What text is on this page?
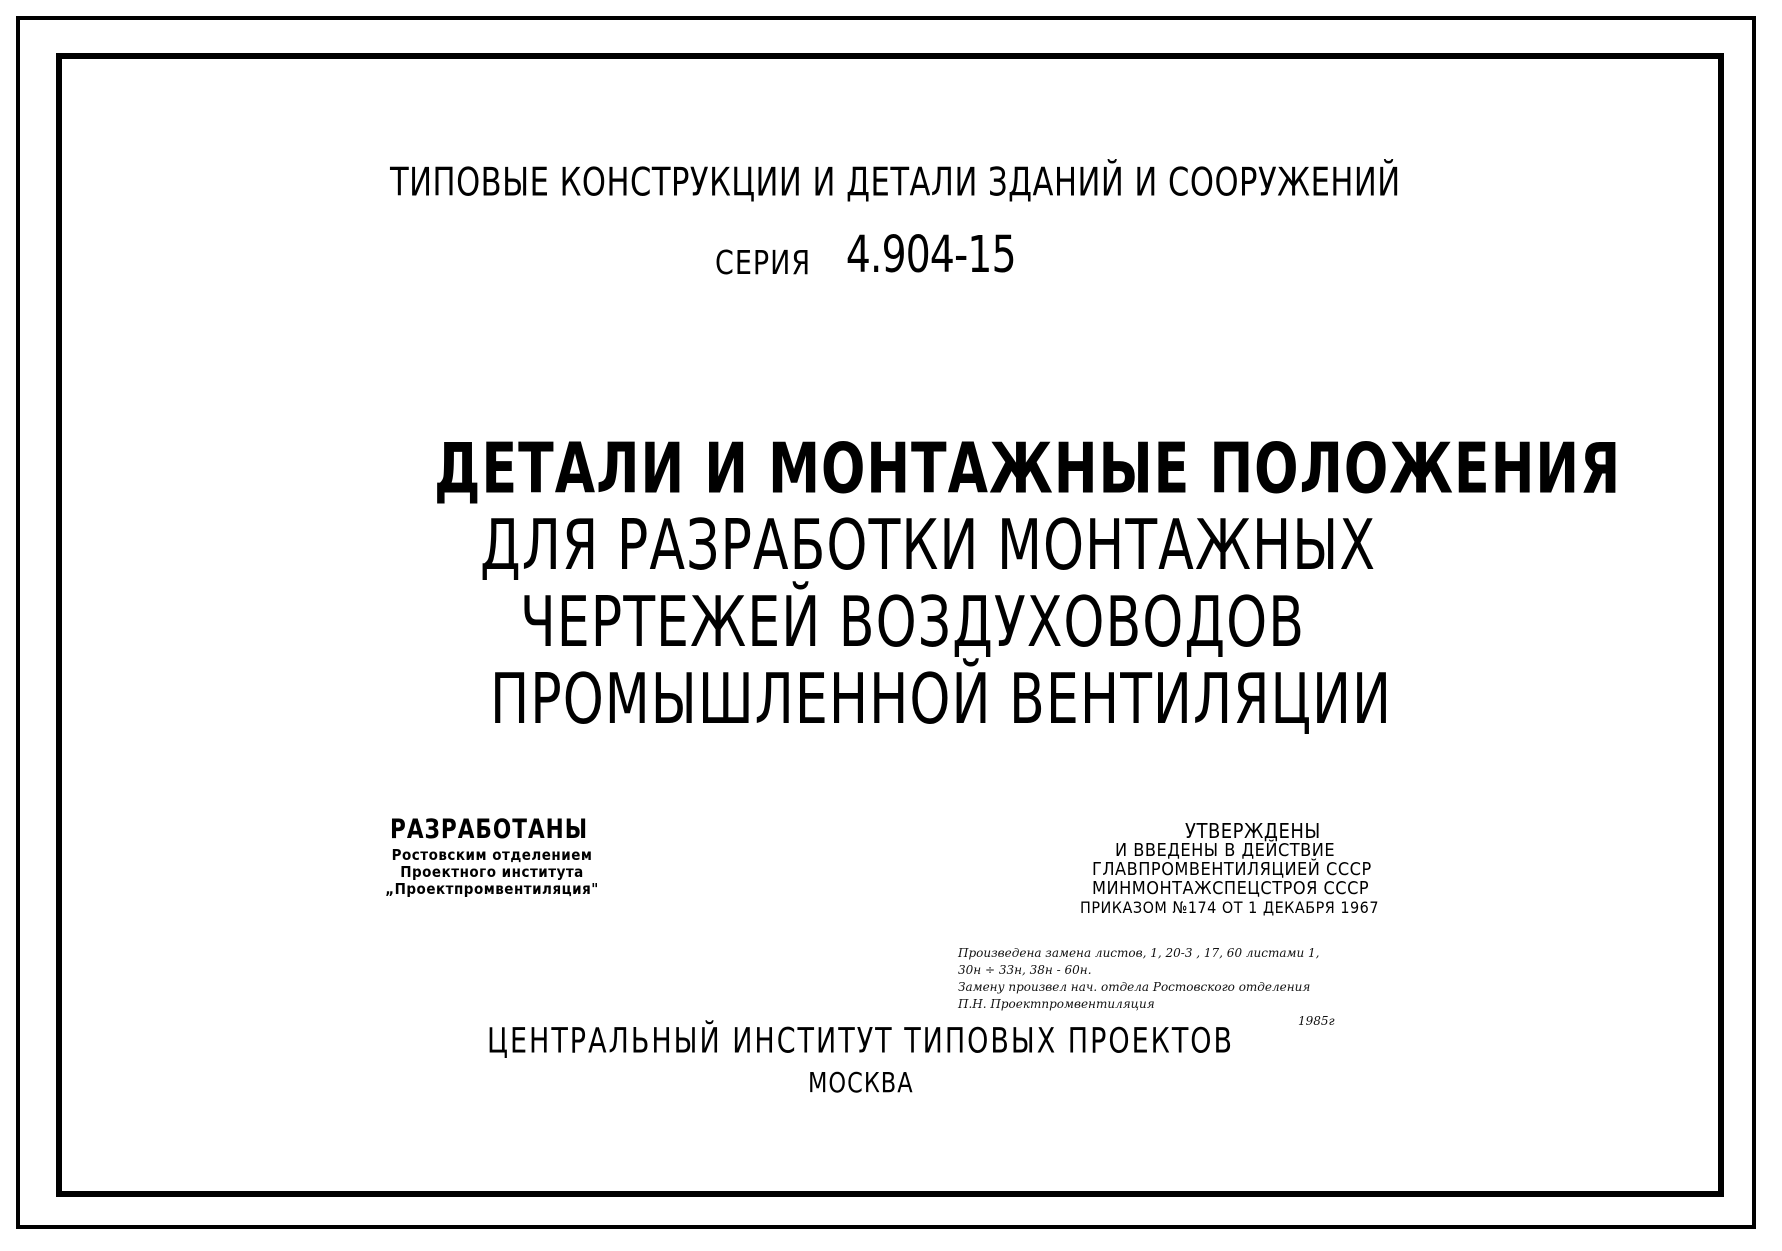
ТИПОВЫЕ КОНСТРУКЦИИ И ДЕТАЛИ ЗДАНИЙ И СООРУЖЕНИЙ
СЕРИЯ 4.904-15
ДЕТАЛИ И МОНТАЖНЫЕ ПОЛОЖЕНИЯ
ДЛЯ РАЗРАБОТКИ МОНТАЖНЫХ
ЧЕРТЕЖЕЙ ВОЗДУХОВОДОВ
ПРОМЫШЛЕННОЙ ВЕНТИЛЯЦИИ
РАЗРАБОТАНЫ
Ростовским отделением
Проектного института
„Проектпромвентиляция"
УТВЕРЖДЕНЫ
И ВВЕДЕНЫ В ДЕЙСТВИЕ
ГЛАВПРОМВЕНТИЛЯЦИЕЙ СССР
МИНМОНТАЖСПЕЦСТРОЯ СССР
ПРИКАЗОМ №174 ОТ 1 ДЕКАБРЯ 1967
Произведена замена листов, 1, 20-3 , 17, 60 листами 1,
30н ÷ 33н, 38н - 60н.
Замену произвел нач. отдела Ростовского отделения
П.Н. Проектпромвентиляция
1985г
ЦЕНТРАЛЬНЫЙ ИНСТИТУТ ТИПОВЫХ ПРОЕКТОВ
МОСКВА
